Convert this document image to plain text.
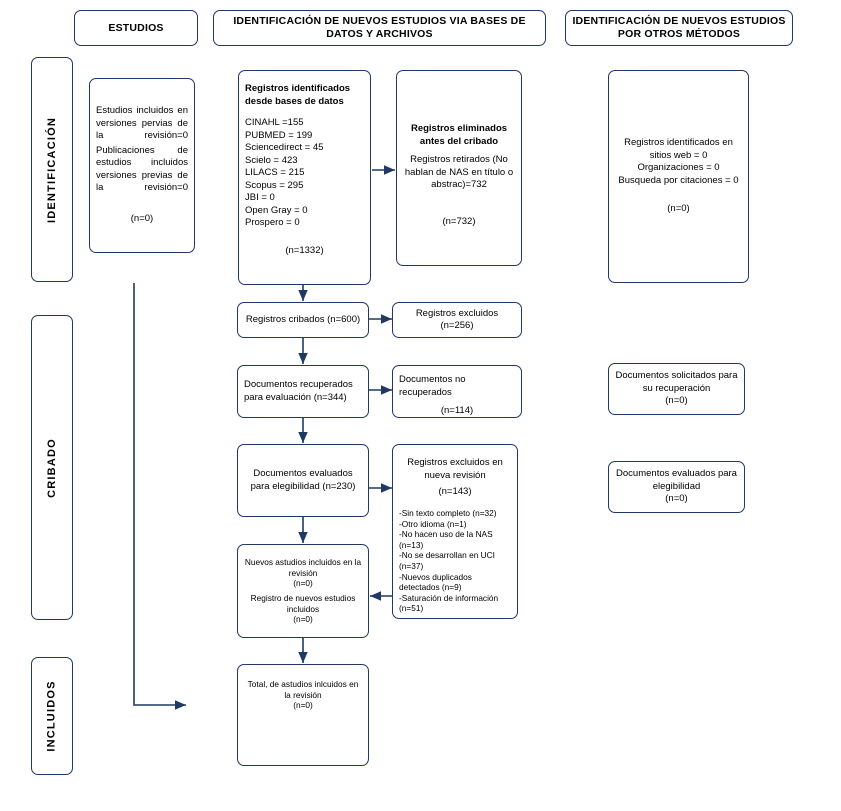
ESTUDIOS
IDENTIFICACIÓN DE NUEVOS ESTUDIOS VIA BASES DE DATOS Y ARCHIVOS
IDENTIFICACIÓN DE NUEVOS ESTUDIOS POR OTROS MÉTODOS
IDENTIFICACIÓN
CRIBADO
INCLUIDOS
Estudios incluidos en versiones pervias de la revisión=0
Publicaciones de estudios incluidos versiones previas de la revisión=0
(n=0)
Registros identificados desde bases de datos
CINAHL =155
PUBMED = 199
Sciencedirect = 45
Scielo = 423
LILACS = 215
Scopus = 295
JBI = 0
Open Gray = 0
Prospero = 0
(n=1332)
Registros eliminados antes del cribado
Registros retirados (No hablan de NAS en título o abstrac)=732
(n=732)
Registros identificados en sitios web = 0
Organizaciones = 0
Busqueda por citaciones = 0
(n=0)
Registros cribados (n=600)
Registros excluidos (n=256)
Documentos recuperados para evaluación (n=344)
Documentos no recuperados
(n=114)
Documentos solicitados para su recuperación
(n=0)
Documentos evaluados para elegibilidad
(n=0)
Documentos evaluados para elegibilidad (n=230)
Registros excluidos en nueva revisión
(n=143)
-Sin texto completo (n=32)
-Otro idioma (n=1)
-No hacen uso de la NAS (n=13)
-No se desarrollan en UCI (n=37)
-Nuevos duplicados detectados (n=9)
-Saturación de información (n=51)
Nuevos astudios incluidos en la revisión
(n=0)
Registro de nuevos estudios incluidos
(n=0)
Total, de astudios inlcuidos en la revisión
(n=0)
